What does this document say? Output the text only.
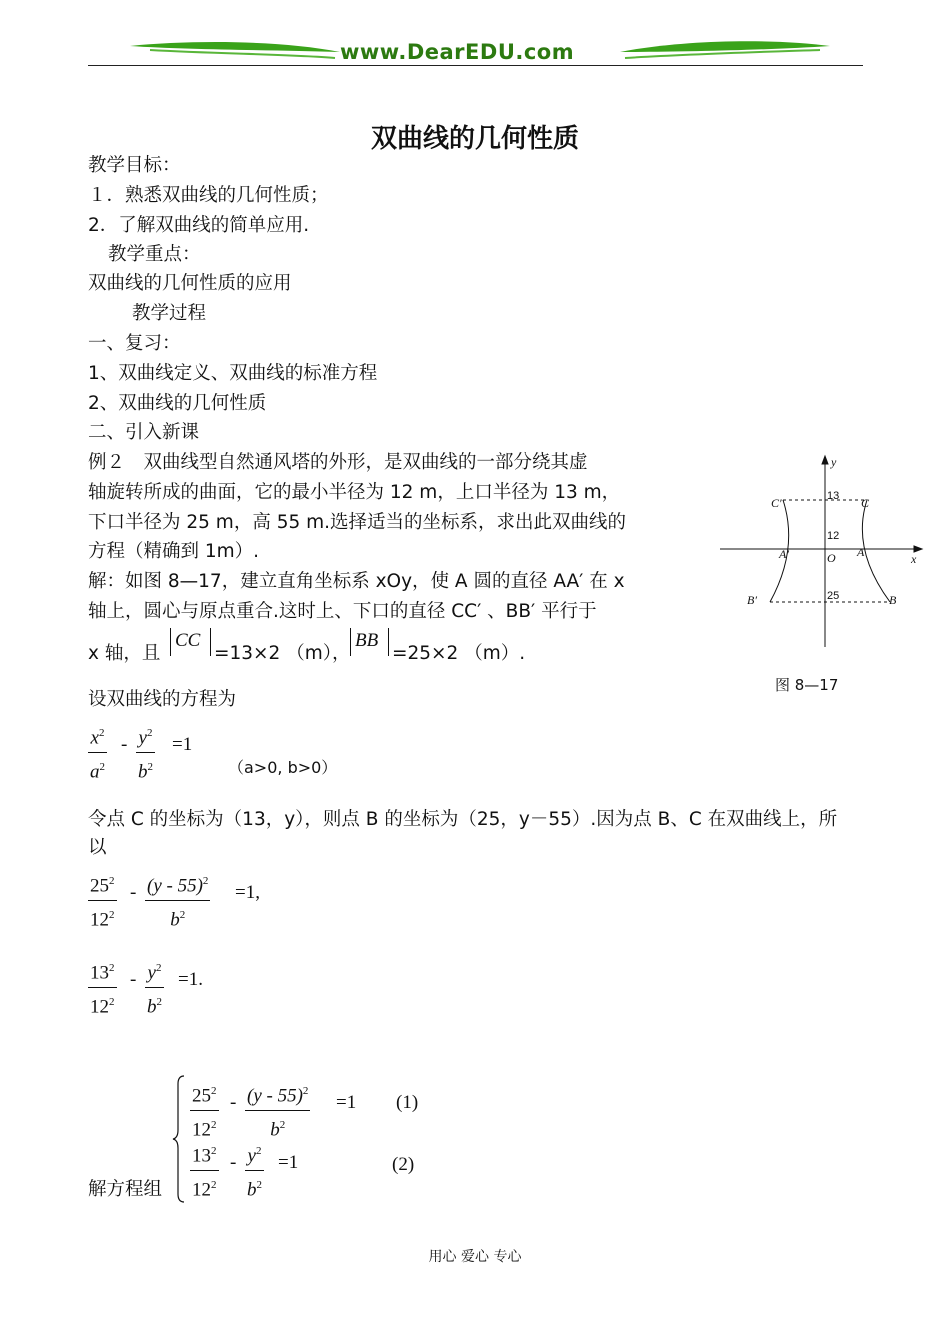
www.DearEDU.com
双曲线的几何性质
教学目标：
１．熟悉双曲线的几何性质；
2．了解双曲线的简单应用.
教学重点：
双曲线的几何性质的应用
教学过程
一、复习：
1、双曲线定义、双曲线的标准方程
2、双曲线的几何性质
二、引入新课
例２　双曲线型自然通风塔的外形，是双曲线的一部分绕其虚
轴旋转所成的曲面，它的最小半径为 12 m，上口半径为 13 m，
下口半径为 25 m，高 55 m.选择适当的坐标系，求出此双曲线的
方程（精确到 1m）.
解：如图 8—17，建立直角坐标系 xOy，使 A 圆的直径 AA′ 在 x
轴上，圆心与原点重合.这时上、下口的直径 CC′ 、BB′ 平行于
x 轴，且
CC
=13×2 （m），
BB
=25×2 （m）.
y
x
C′	C
A′	A
O
B′	B
13
12
25
图 8—17
设双曲线的方程为
$x^2$
$a^2$
- $y^2$
$b^2$
=1
（a>0, b>0）
令点 C 的坐标为（13，y），则点 B 的坐标为（25，y－55）.因为点 B、C 在双曲线上，所
以
$25^2$
$12^2$
- (y - 55)$^2$
$b^2$
=1,
$13^2$
$12^2$
- $y^2$
$b^2$
=1.
解方程组
$25^2$
$12^2$
- (y - 55)$^2$
$b^2$
=1 (1)
$13^2$
$12^2$
- $y^2$
$b^2$
=1	(2)
用心 爱心 专心
